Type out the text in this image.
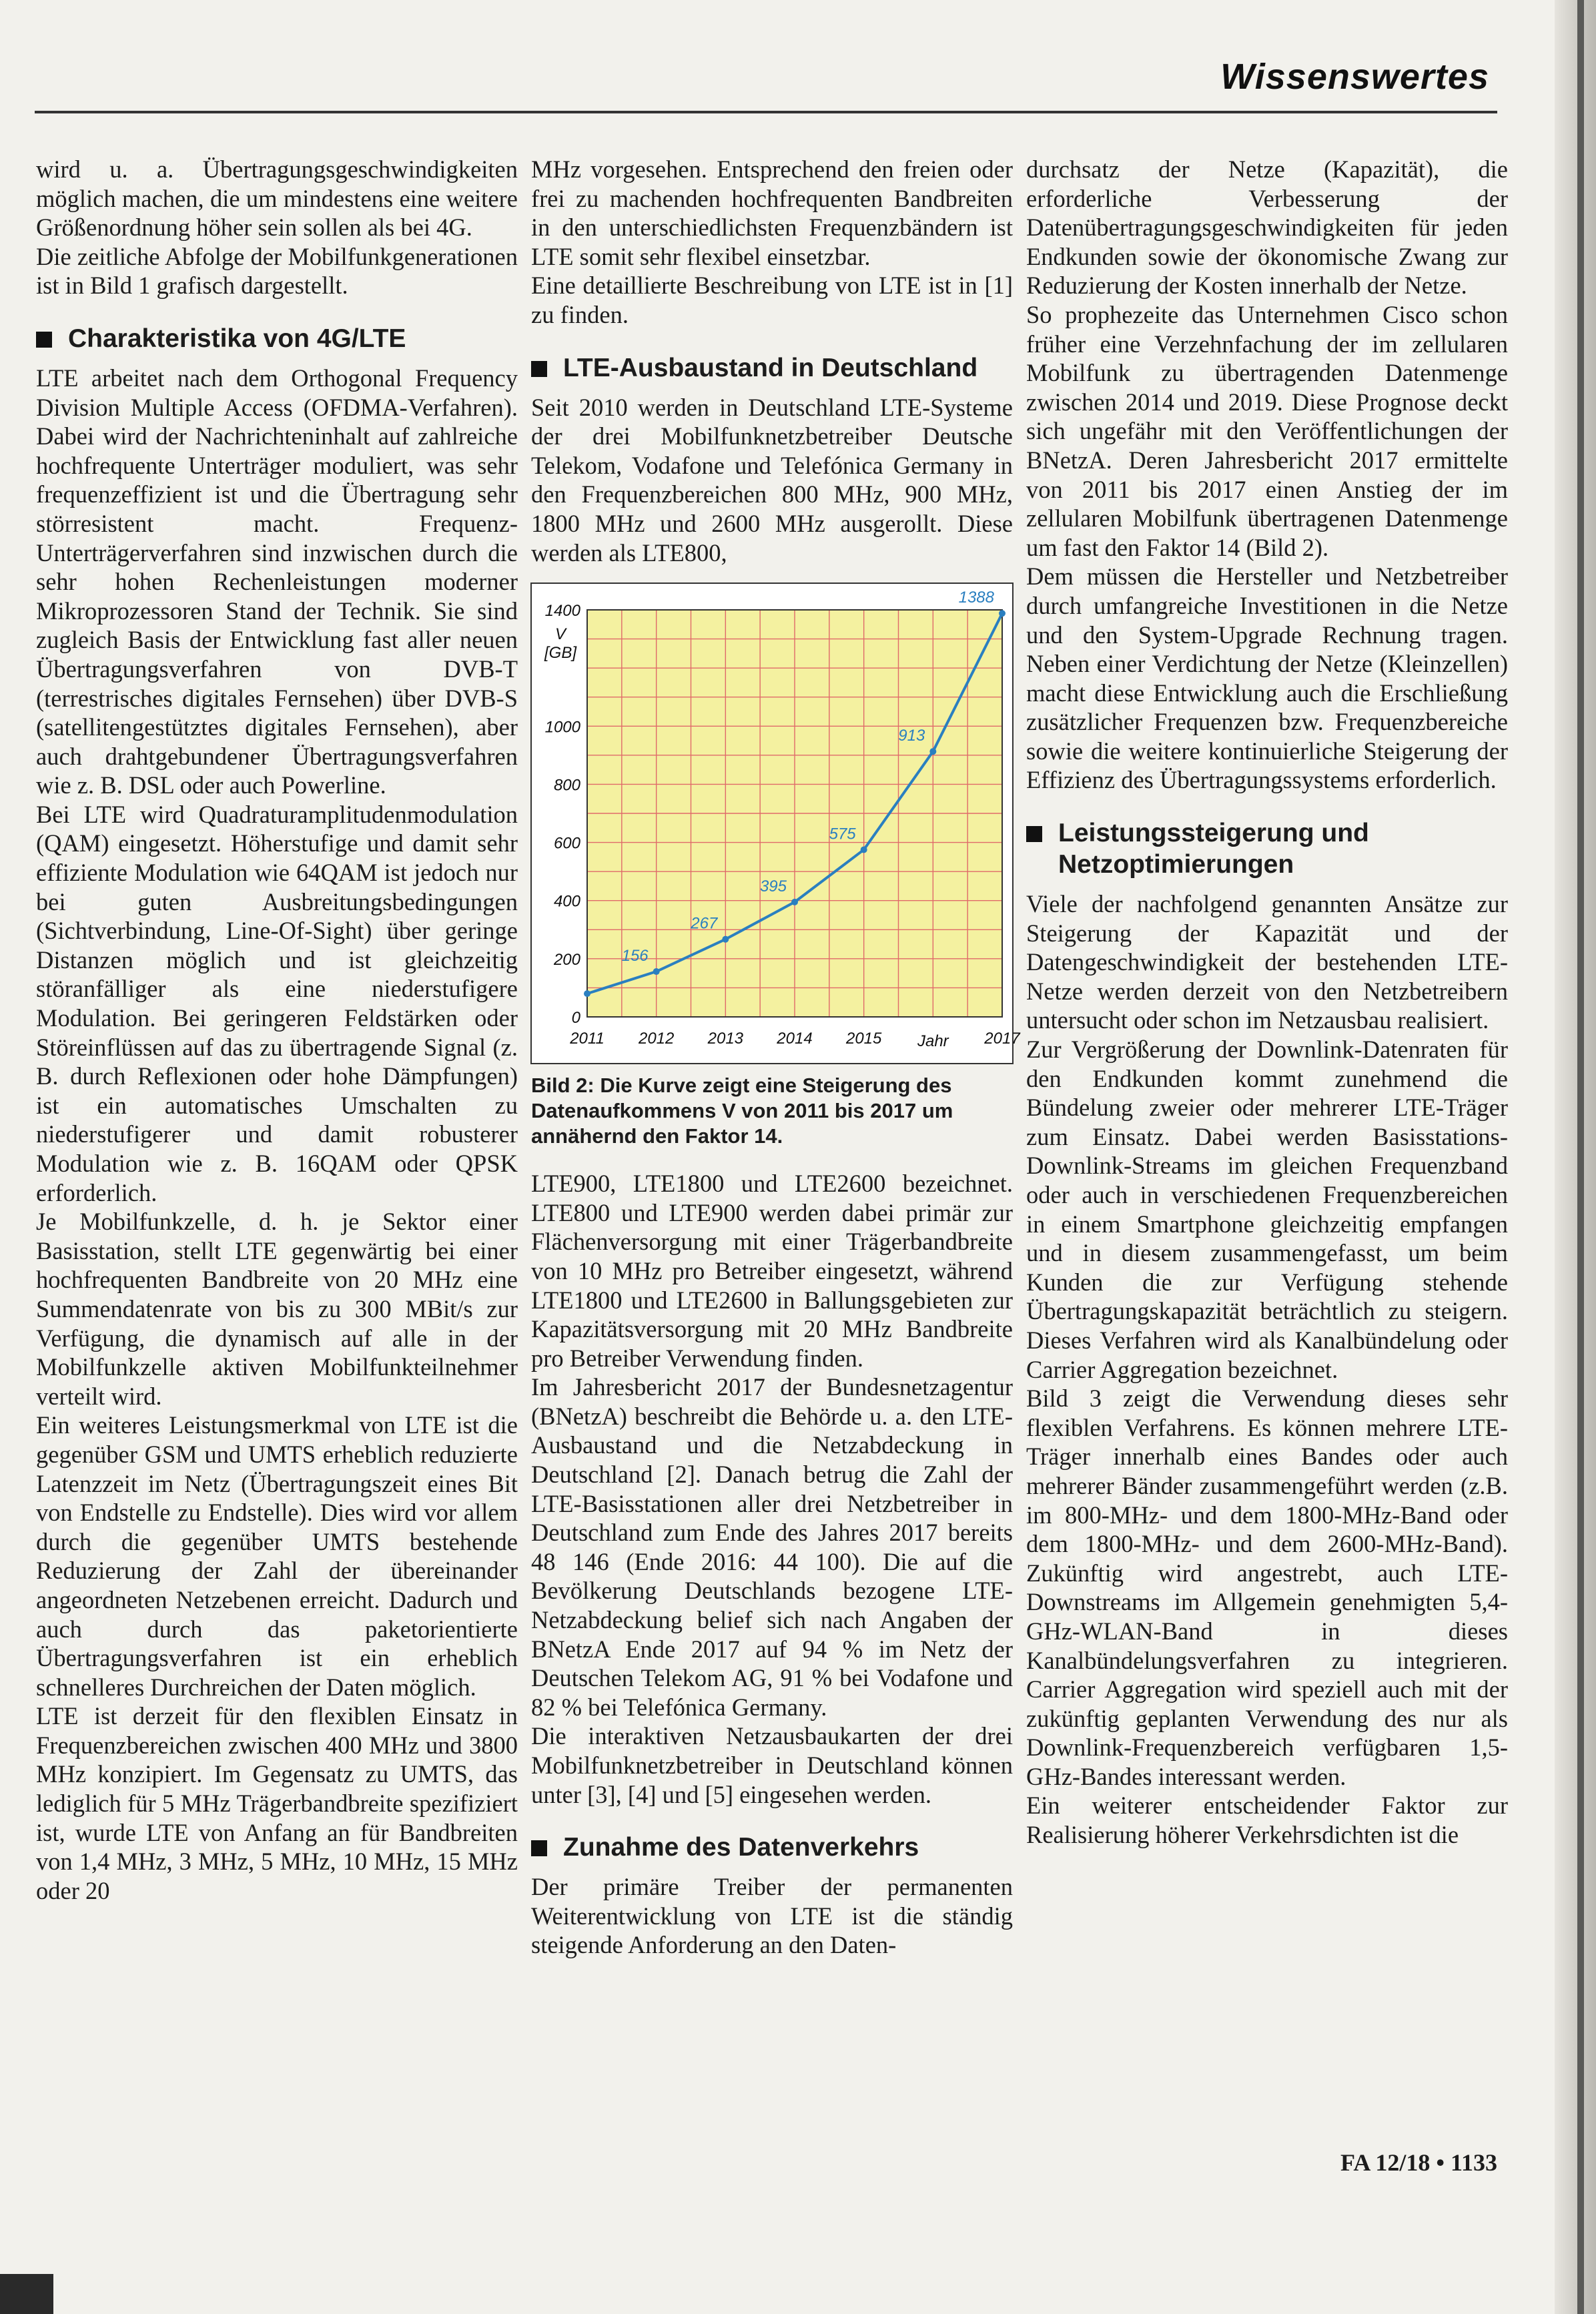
Wissenswertes

wird u. a. Übertragungsgeschwindigkeiten möglich machen, die um mindestens eine weitere Größenordnung höher sein sollen als bei 4G.

Die zeitliche Abfolge der Mobilfunkgenerationen ist in Bild 1 grafisch dargestellt.

Charakteristika von 4G/LTE

LTE arbeitet nach dem Orthogonal Frequency Division Multiple Access (OFDMA-Verfahren). Dabei wird der Nachrichteninhalt auf zahlreiche hochfrequente Unterträger moduliert, was sehr frequenzeffizient ist und die Übertragung sehr störresistent macht. Frequenz-Unterträgerverfahren sind inzwischen durch die sehr hohen Rechenleistungen moderner Mikroprozessoren Stand der Technik. Sie sind zugleich Basis der Entwicklung fast aller neuen Übertragungsverfahren von DVB-T (terrestrisches digitales Fernsehen) über DVB-S (satellitengestütztes digitales Fernsehen), aber auch drahtgebundener Übertragungsverfahren wie z. B. DSL oder auch Powerline.

Bei LTE wird Quadraturamplitudenmodulation (QAM) eingesetzt. Höherstufige und damit sehr effiziente Modulation wie 64QAM ist jedoch nur bei guten Ausbreitungsbedingungen (Sichtverbindung, Line-Of-Sight) über geringe Distanzen möglich und ist gleichzeitig störanfälliger als eine niederstufigere Modulation. Bei geringeren Feldstärken oder Störeinflüssen auf das zu übertragende Signal (z. B. durch Reflexionen oder hohe Dämpfungen) ist ein automatisches Umschalten zu niederstufigerer und damit robusterer Modulation wie z. B. 16QAM oder QPSK erforderlich.

Je Mobilfunkzelle, d. h. je Sektor einer Basisstation, stellt LTE gegenwärtig bei einer hochfrequenten Bandbreite von 20 MHz eine Summendatenrate von bis zu 300 MBit/s zur Verfügung, die dynamisch auf alle in der Mobilfunkzelle aktiven Mobilfunkteilnehmer verteilt wird.

Ein weiteres Leistungsmerkmal von LTE ist die gegenüber GSM und UMTS erheblich reduzierte Latenzzeit im Netz (Übertragungszeit eines Bit von Endstelle zu Endstelle). Dies wird vor allem durch die gegenüber UMTS bestehende Reduzierung der Zahl der übereinander angeordneten Netzebenen erreicht. Dadurch und auch durch das paketorientierte Übertragungsverfahren ist ein erheblich schnelleres Durchreichen der Daten möglich.

LTE ist derzeit für den flexiblen Einsatz in Frequenzbereichen zwischen 400 MHz und 3800 MHz konzipiert. Im Gegensatz zu UMTS, das lediglich für 5 MHz Trägerbandbreite spezifiziert ist, wurde LTE von Anfang an für Bandbreiten von 1,4 MHz, 3 MHz, 5 MHz, 10 MHz, 15 MHz oder 20

MHz vorgesehen. Entsprechend den freien oder frei zu machenden hochfrequenten Bandbreiten in den unterschiedlichsten Frequenzbändern ist LTE somit sehr flexibel einsetzbar.

Eine detaillierte Beschreibung von LTE ist in [1] zu finden.

LTE-Ausbaustand in Deutschland

Seit 2010 werden in Deutschland LTE-Systeme der drei Mobilfunknetzbetreiber Deutsche Telekom, Vodafone und Telefónica Germany in den Frequenzbereichen 800 MHz, 900 MHz, 1800 MHz und 2600 MHz ausgerollt. Diese werden als LTE800,

0
200
400
600
800
1000
1400
V
[GB]
2011 2012 2013 2014 2015	2017
Jahr
156
267
395
575
913
1388
Bild 2: Die Kurve zeigt eine Steigerung des Datenaufkommens V von 2011 bis 2017 um annähernd den Faktor 14.

LTE900, LTE1800 und LTE2600 bezeichnet. LTE800 und LTE900 werden dabei primär zur Flächenversorgung mit einer Trägerbandbreite von 10 MHz pro Betreiber eingesetzt, während LTE1800 und LTE2600 in Ballungsgebieten zur Kapazitätsversorgung mit 20 MHz Bandbreite pro Betreiber Verwendung finden.

Im Jahresbericht 2017 der Bundesnetzagentur (BNetzA) beschreibt die Behörde u. a. den LTE-Ausbaustand und die Netzabdeckung in Deutschland [2]. Danach betrug die Zahl der LTE-Basisstationen aller drei Netzbetreiber in Deutschland zum Ende des Jahres 2017 bereits 48 146 (Ende 2016: 44 100). Die auf die Bevölkerung Deutschlands bezogene LTE-Netzabdeckung belief sich nach Angaben der BNetzA Ende 2017 auf 94 % im Netz der Deutschen Telekom AG, 91 % bei Vodafone und 82 % bei Telefónica Germany.

Die interaktiven Netzausbaukarten der drei Mobilfunknetzbetreiber in Deutschland können unter [3], [4] und [5] eingesehen werden.

Zunahme des Datenverkehrs

Der primäre Treiber der permanenten Weiterentwicklung von LTE ist die ständig steigende Anforderung an den Daten-

durchsatz der Netze (Kapazität), die erforderliche Verbesserung der Datenübertragungsgeschwindigkeiten für jeden Endkunden sowie der ökonomische Zwang zur Reduzierung der Kosten innerhalb der Netze.

So prophezeite das Unternehmen Cisco schon früher eine Verzehnfachung der im zellularen Mobilfunk zu übertragenden Datenmenge zwischen 2014 und 2019. Diese Prognose deckt sich ungefähr mit den Veröffentlichungen der BNetzA. Deren Jahresbericht 2017 ermittelte von 2011 bis 2017 einen Anstieg der im zellularen Mobilfunk übertragenen Datenmenge um fast den Faktor 14 (Bild 2).

Dem müssen die Hersteller und Netzbetreiber durch umfangreiche Investitionen in die Netze und den System-Upgrade Rechnung tragen. Neben einer Verdichtung der Netze (Kleinzellen) macht diese Entwicklung auch die Erschließung zusätzlicher Frequenzen bzw. Frequenzbereiche sowie die weitere kontinuierliche Steigerung der Effizienz des Übertragungssystems erforderlich.

Leistungssteigerung und Netzoptimierungen

Viele der nachfolgend genannten Ansätze zur Steigerung der Kapazität und der Datengeschwindigkeit der bestehenden LTE-Netze werden derzeit von den Netzbetreibern untersucht oder schon im Netzausbau realisiert.

Zur Vergrößerung der Downlink-Datenraten für den Endkunden kommt zunehmend die Bündelung zweier oder mehrerer LTE-Träger zum Einsatz. Dabei werden Basisstations-Downlink-Streams im gleichen Frequenzband oder auch in verschiedenen Frequenzbereichen in einem Smartphone gleichzeitig empfangen und in diesem zusammengefasst, um beim Kunden die zur Verfügung stehende Übertragungskapazität beträchtlich zu steigern. Dieses Verfahren wird als Kanalbündelung oder Carrier Aggregation bezeichnet.

Bild 3 zeigt die Verwendung dieses sehr flexiblen Verfahrens. Es können mehrere LTE-Träger innerhalb eines Bandes oder auch mehrerer Bänder zusammengeführt werden (z.B. im 800-MHz- und dem 1800-MHz-Band oder dem 1800-MHz- und dem 2600-MHz-Band). Zukünftig wird angestrebt, auch LTE-Downstreams im Allgemein genehmigten 5,4-GHz-WLAN-Band in dieses Kanalbündelungsverfahren zu integrieren. Carrier Aggregation wird speziell auch mit der zukünftig geplanten Verwendung des nur als Downlink-Frequenzbereich verfügbaren 1,5-GHz-Bandes interessant werden.

Ein weiterer entscheidender Faktor zur Realisierung höherer Verkehrsdichten ist die

FA 12/18 • 1133
